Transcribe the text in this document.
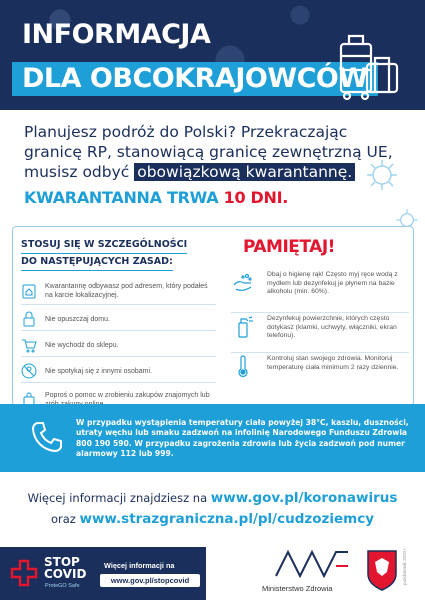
INFORMACJA
DLA OBCOKRAJOWCÓW
Planujesz podróż do Polski? Przekraczając granicę RP, stanowiącą granicę zewnętrzną UE, musisz odbyć obowiązkową kwarantannę.
KWARANTANNA TRWA 10 DNI.
STOSUJ SIĘ W SZCZEGÓLNOŚCI
DO NASTĘPUJĄCYCH ZASAD:
Kwarantannę odbywasz pod adresem, który podałeś na karcie lokalizacyjnej.
Nie opuszczaj domu.
Nie wychodź do sklepu.
Nie spotykaj się z innymi osobami.
Poproś o pomoc w zrobieniu zakupów znajomych lub
PAMIĘTAJ!
Dbaj o higienę rąk! Często myj ręce wodą z mydłem lub dezynfekuj je płynem na bazie alkoholu (min. 60%).
Dezynfekuj powierzchnie, których często dotykasz (klamki, uchwyty, włączniki, ekran telefonu).
Kontroluj stan swojego zdrowia. Monitoruj temperaturę ciała minimum 2 razy dziennie.
W przypadku wystąpienia temperatury ciała powyżej 38°C, kaszlu, duszności, utraty węchu lub smaku zadzwoń na infolinię Narodowego Funduszu Zdrowia 800 190 590. W przypadku zagrożenia zdrowia lub życia zadzwoń pod numer alarmowy 112 lub 999.
Więcej informacji znajdziesz na www.gov.pl/koronawirus
oraz www.strazgraniczna.pl/pl/cudzoziemcy
STOP
COVID
ProteGO Safe
Więcej informacji na
www.gov.pl/stopcovid
Ministerstwo Zdrowia
październik 2020 r.
